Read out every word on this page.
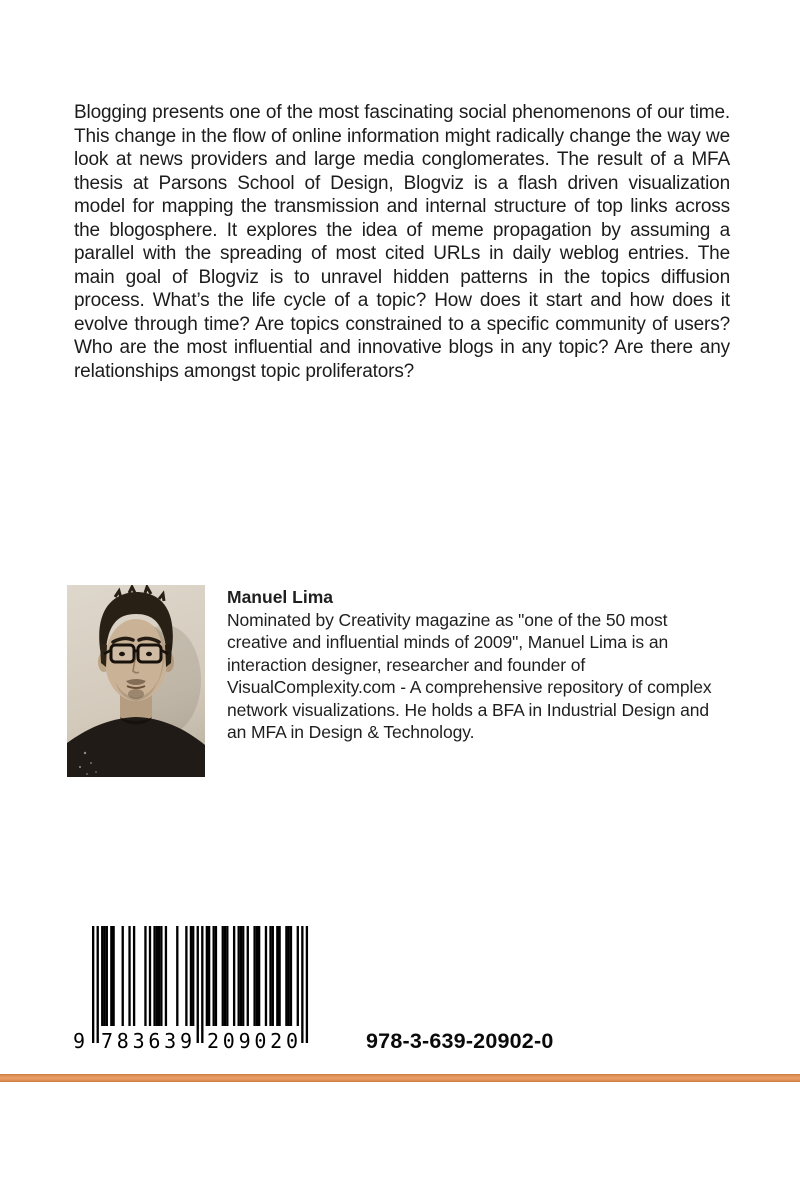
Blogging presents one of the most fascinating social phenomenons of our time. This change in the flow of online information might radically change the way we look at news providers and large media conglomerates. The result of a MFA thesis at Parsons School of Design, Blogviz is a flash driven visualization model for mapping the transmission and internal structure of top links across the blogosphere. It explores the idea of meme propagation by assuming a parallel with the spreading of most cited URLs in daily weblog entries. The main goal of Blogviz is to unravel hidden patterns in the topics diffusion process. What’s the life cycle of a topic? How does it start and how does it evolve through time? Are topics constrained to a specific community of users? Who are the most influential and innovative blogs in any topic? Are there any relationships amongst topic proliferators?

Manuel Lima
Nominated by Creativity magazine as "one of the 50 most creative and influential minds of 2009", Manuel Lima is an interaction designer, researcher and founder of VisualComplexity.com - A comprehensive repository of complex network visualizations. He holds a BFA in Industrial Design and an MFA in Design & Technology.
9 783639 209020	978-3-639-20902-0
